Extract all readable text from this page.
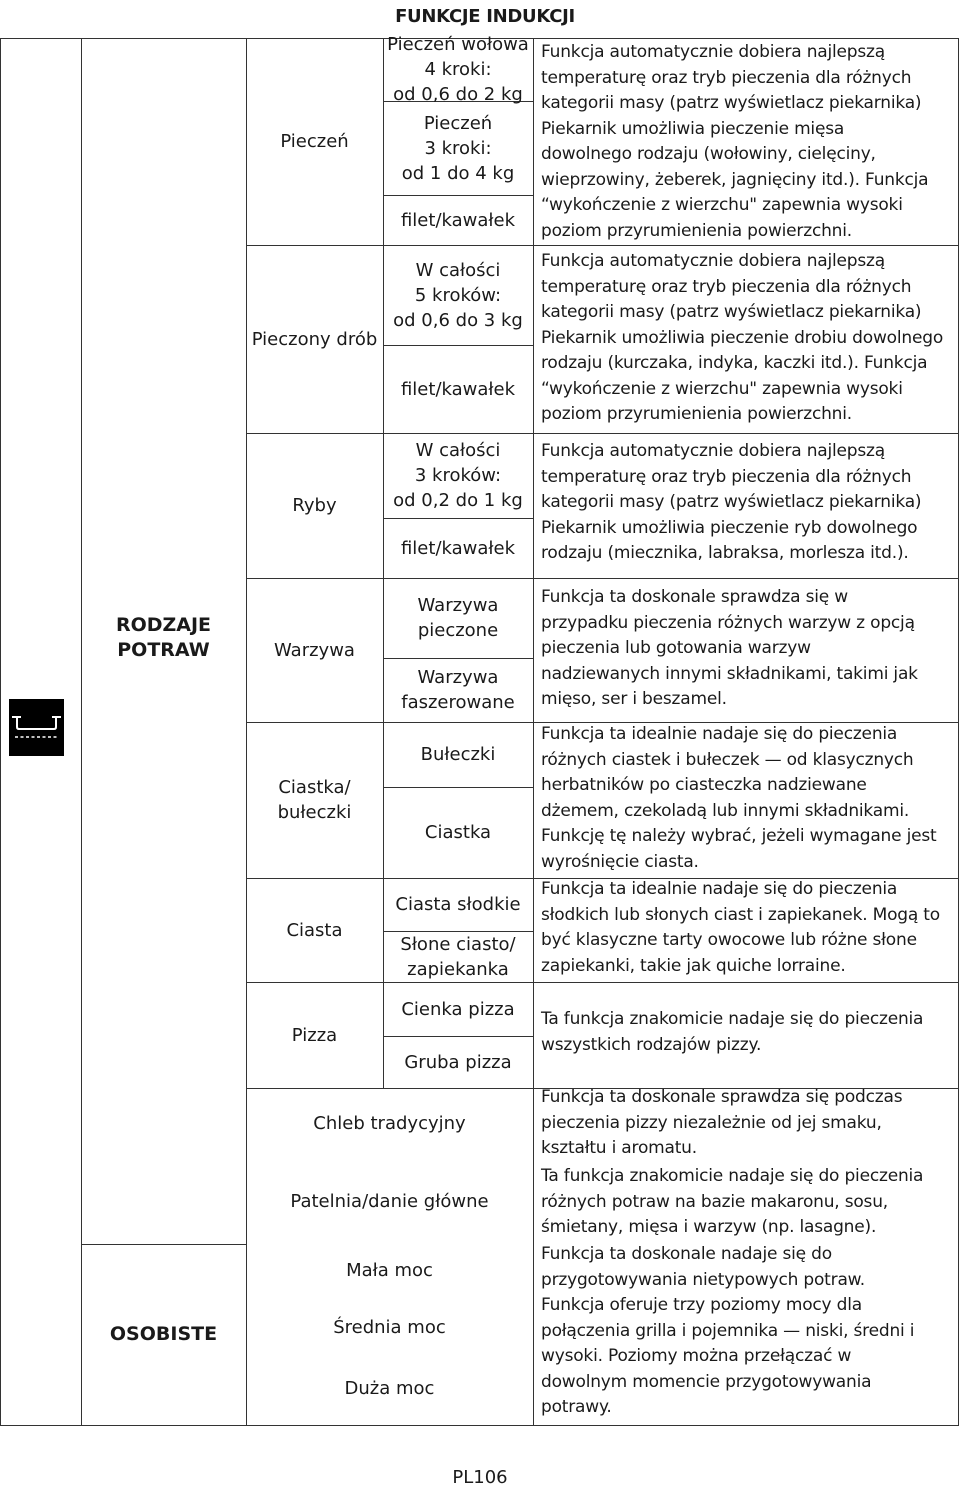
FUNKCJE INDUKCJI
RODZAJE
POTRAW
OSOBISTE
Pieczeń
Pieczeń wołowa
4 kroki:
od 0,6 do 2 kg
Pieczeń
3 kroki:
od 1 do 4 kg
filet/kawałek
Funkcja automatycznie dobiera najlepszą
temperaturę oraz tryb pieczenia dla różnych
kategorii masy (patrz wyświetlacz piekarnika)
Piekarnik umożliwia pieczenie mięsa
dowolnego rodzaju (wołowiny, cielęciny,
wieprzowiny, żeberek, jagnięciny itd.). Funkcja
“wykończenie z wierzchu" zapewnia wysoki
poziom przyrumienienia powierzchni.
Pieczony drób
W całości
5 kroków:
od 0,6 do 3 kg
filet/kawałek
Funkcja automatycznie dobiera najlepszą
temperaturę oraz tryb pieczenia dla różnych
kategorii masy (patrz wyświetlacz piekarnika)
Piekarnik umożliwia pieczenie drobiu dowolnego
rodzaju (kurczaka, indyka, kaczki itd.). Funkcja
“wykończenie z wierzchu" zapewnia wysoki
poziom przyrumienienia powierzchni.
Ryby
W całości
3 kroków:
od 0,2 do 1 kg
filet/kawałek
Funkcja automatycznie dobiera najlepszą
temperaturę oraz tryb pieczenia dla różnych
kategorii masy (patrz wyświetlacz piekarnika)
Piekarnik umożliwia pieczenie ryb dowolnego
rodzaju (miecznika, labraksa, morlesza itd.).
Warzywa
Warzywa
pieczone
Warzywa
faszerowane
Funkcja ta doskonale sprawdza się w
przypadku pieczenia różnych warzyw z opcją
pieczenia lub gotowania warzyw
nadziewanych innymi składnikami, takimi jak
mięso, ser i beszamel.
Ciastka/
bułeczki
Bułeczki
Ciastka
Funkcja ta idealnie nadaje się do pieczenia
różnych ciastek i bułeczek — od klasycznych
herbatników po ciasteczka nadziewane
dżemem, czekoladą lub innymi składnikami.
Funkcję tę należy wybrać, jeżeli wymagane jest
wyrośnięcie ciasta.
Ciasta
Ciasta słodkie
Słone ciasto/
zapiekanka
Funkcja ta idealnie nadaje się do pieczenia
słodkich lub słonych ciast i zapiekanek. Mogą to
być klasyczne tarty owocowe lub różne słone
zapiekanki, takie jak quiche lorraine.
Pizza
Cienka pizza
Gruba pizza
Ta funkcja znakomicie nadaje się do pieczenia
wszystkich rodzajów pizzy.
Chleb tradycyjny
Funkcja ta doskonale sprawdza się podczas
pieczenia pizzy niezależnie od jej smaku,
kształtu i aromatu.
Patelnia/danie główne
Ta funkcja znakomicie nadaje się do pieczenia
różnych potraw na bazie makaronu, sosu,
śmietany, mięsa i warzyw (np. lasagne).
Funkcja ta doskonale nadaje się do
przygotowywania nietypowych potraw.
Mała moc
Średnia moc
Duża moc
Funkcja oferuje trzy poziomy mocy dla
połączenia grilla i pojemnika — niski, średni i
wysoki. Poziomy można przełączać w
dowolnym momencie przygotowywania
potrawy.
PL106
